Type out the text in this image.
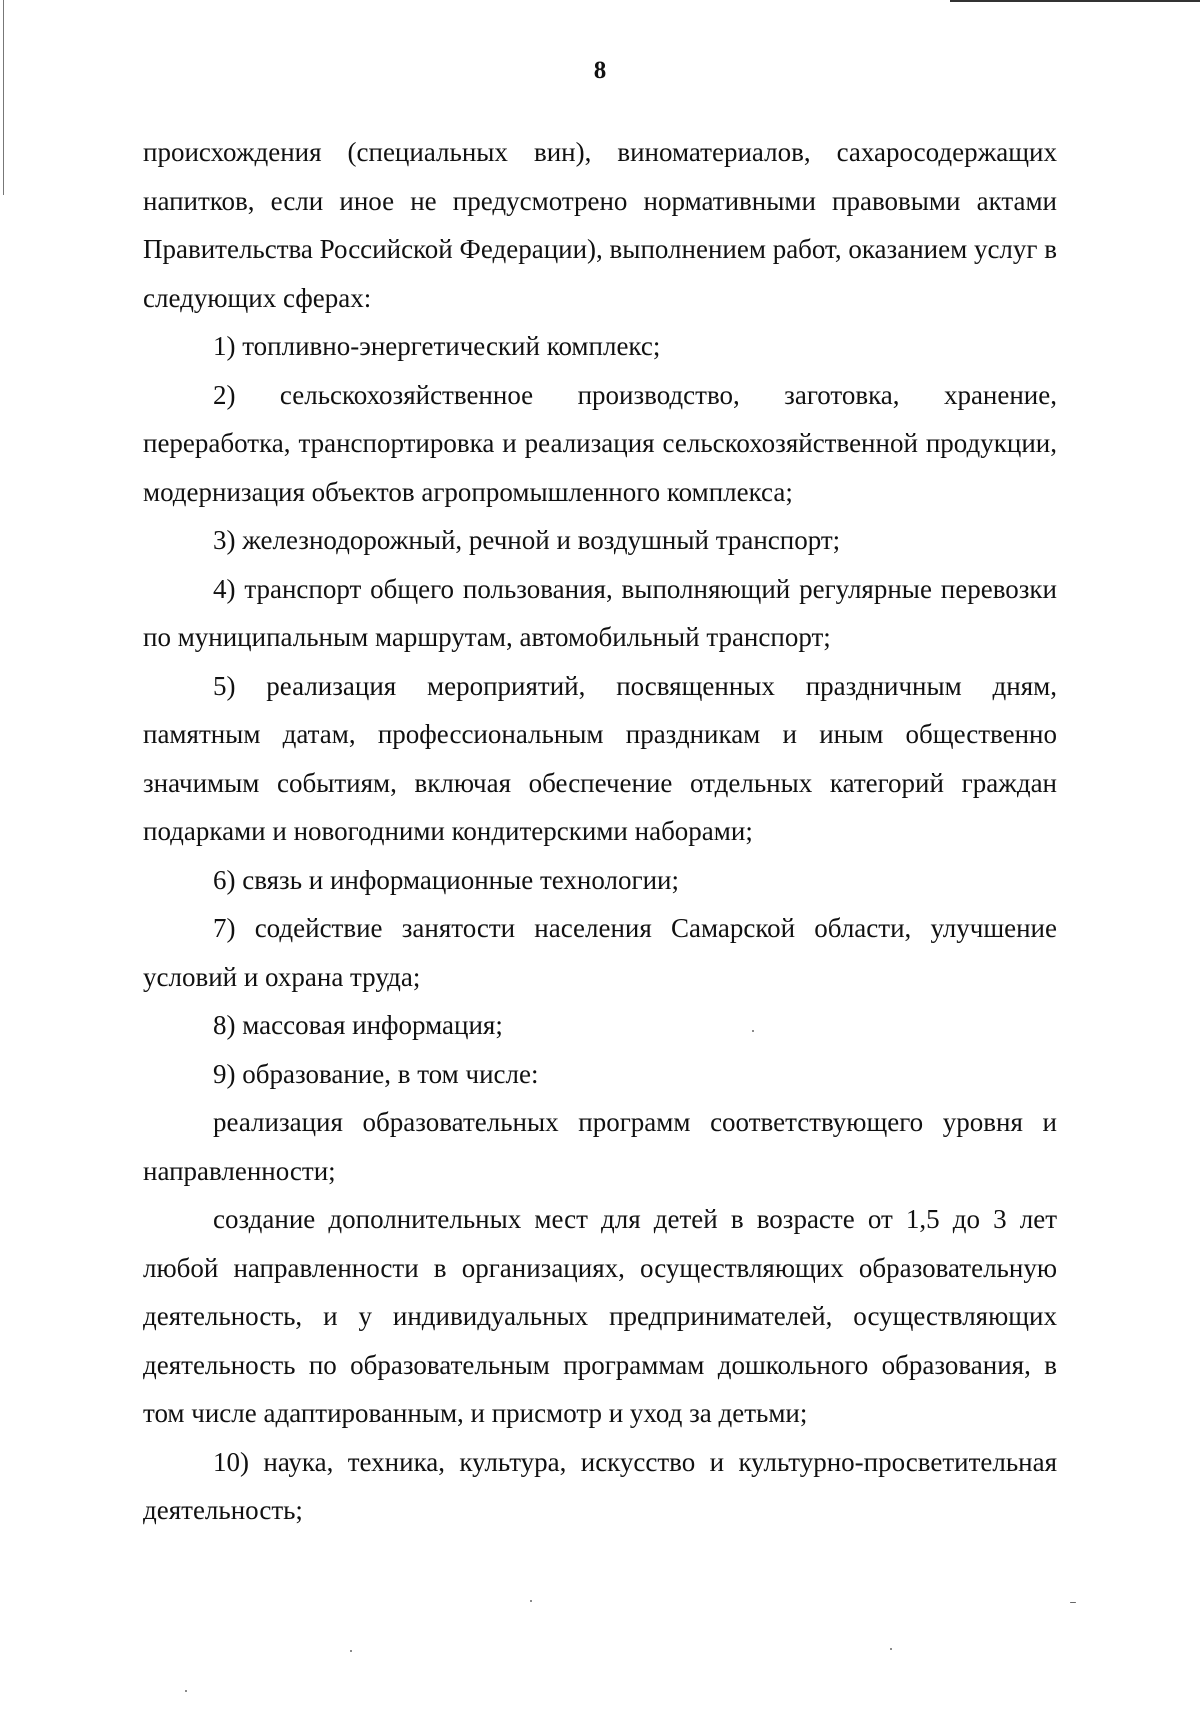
8

происхождения (специальных вин), виноматериалов, сахаросодержащих напитков, если иное не предусмотрено нормативными правовыми актами Правительства Российской Федерации), выполнением работ, оказанием услуг в следующих сферах:

1) топливно-энергетический комплекс;

2) сельскохозяйственное производство, заготовка, хранение, переработка, транспортировка и реализация сельскохозяйственной продукции, модернизация объектов агропромышленного комплекса;

3) железнодорожный, речной и воздушный транспорт;

4) транспорт общего пользования, выполняющий регулярные перевозки по муниципальным маршрутам, автомобильный транспорт;

5) реализация мероприятий, посвященных праздничным дням, памятным датам, профессиональным праздникам и иным общественно значимым событиям, включая обеспечение отдельных категорий граждан подарками и новогодними кондитерскими наборами;

6) связь и информационные технологии;

7) содействие занятости населения Самарской области, улучшение условий и охрана труда;

8) массовая информация;

9) образование, в том числе:

реализация образовательных программ соответствующего уровня и направленности;

создание дополнительных мест для детей в возрасте от 1,5 до 3 лет любой направленности в организациях, осуществляющих образовательную деятельность, и у индивидуальных предпринимателей, осуществляющих деятельность по образовательным программам дошкольного образования, в том числе адаптированным, и присмотр и уход за детьми;

10) наука, техника, культура, искусство и культурно-просветительная деятельность;
